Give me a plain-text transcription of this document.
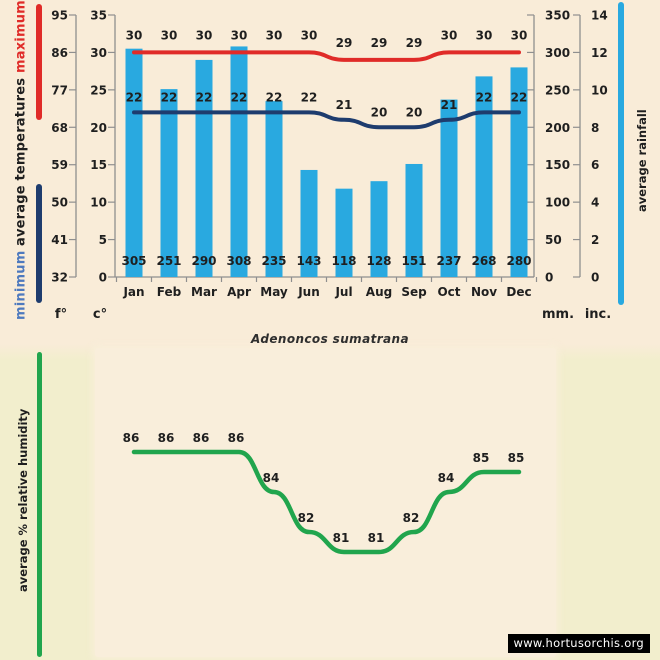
minimum

average temperatures

maximum
average rainfall
average % relative humidity
f°	c°	mm. inc.
95
86
77
68
59
50
41
32
35
30
25
20
15
10
5
0
350
300
250
200
150
100
50
0
14
12
10
8
6
4
2
0
30 30 30 30 30 30
29 29 29
30 30 30
22 22 22 22 22 22
21
20 20
21
22 22
305 251 290 308 235 143 118 128 151 237 268 280
Jan Feb Mar Apr May Jun Jul Aug Sep Oct Nov Dec
Adenoncos sumatrana
86 86 86 86
84
82
81 81
82
84
85 85
www.hortusorchis.org
